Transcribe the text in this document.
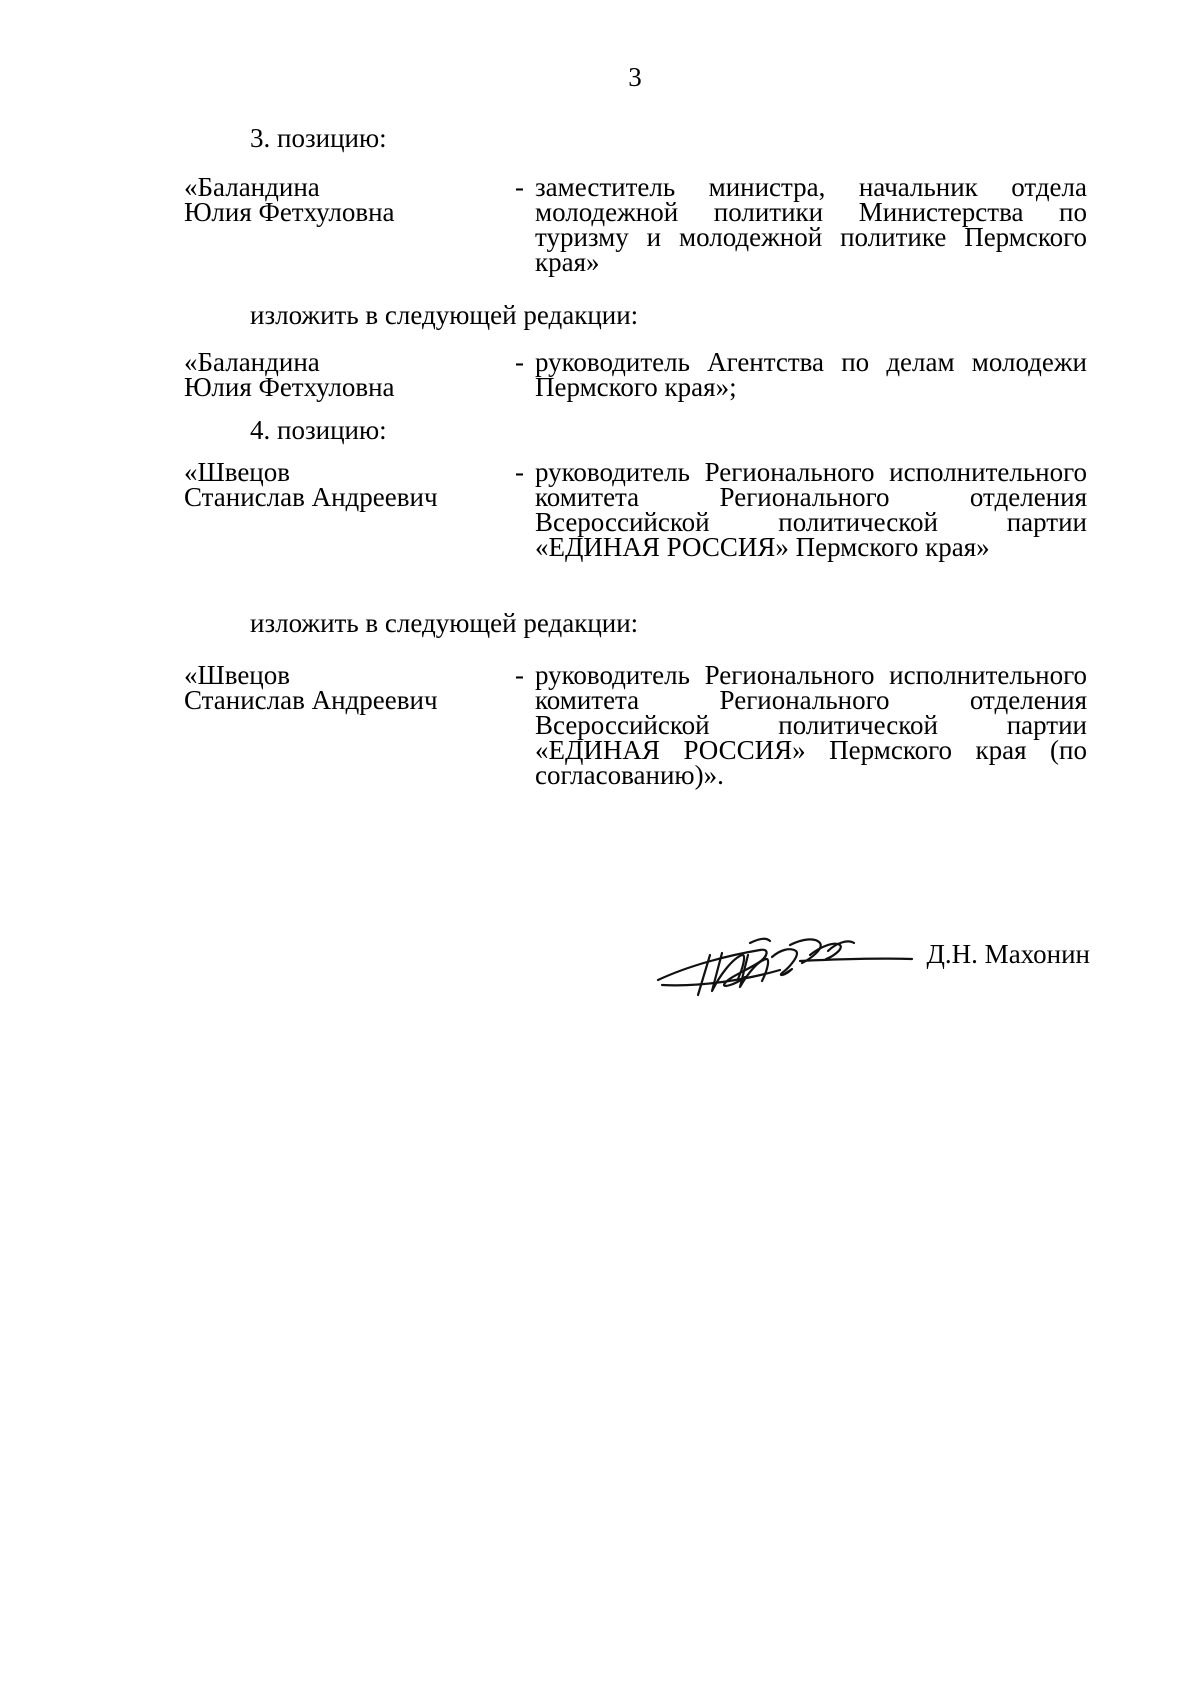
3
3. позицию:
«Баландина
Юлия Фетхуловна
- заместитель министра, начальник отдела молодежной политики Министерства по туризму и молодежной политике Пермского края»
изложить в следующей редакции:
«Баландина
Юлия Фетхуловна
- руководитель Агентства по делам молодежи Пермского края»;
4. позицию:
«Швецов
Станислав Андреевич
- руководитель Регионального исполнительного комитета Регионального отделения Всероссийской политической партии «ЕДИНАЯ РОССИЯ» Пермского края»
изложить в следующей редакции:
«Швецов
Станислав Андреевич
- руководитель Регионального исполнительного комитета Регионального отделения Всероссийской политической партии «ЕДИНАЯ РОССИЯ» Пермского края (по согласованию)».
Д.Н. Махонин
